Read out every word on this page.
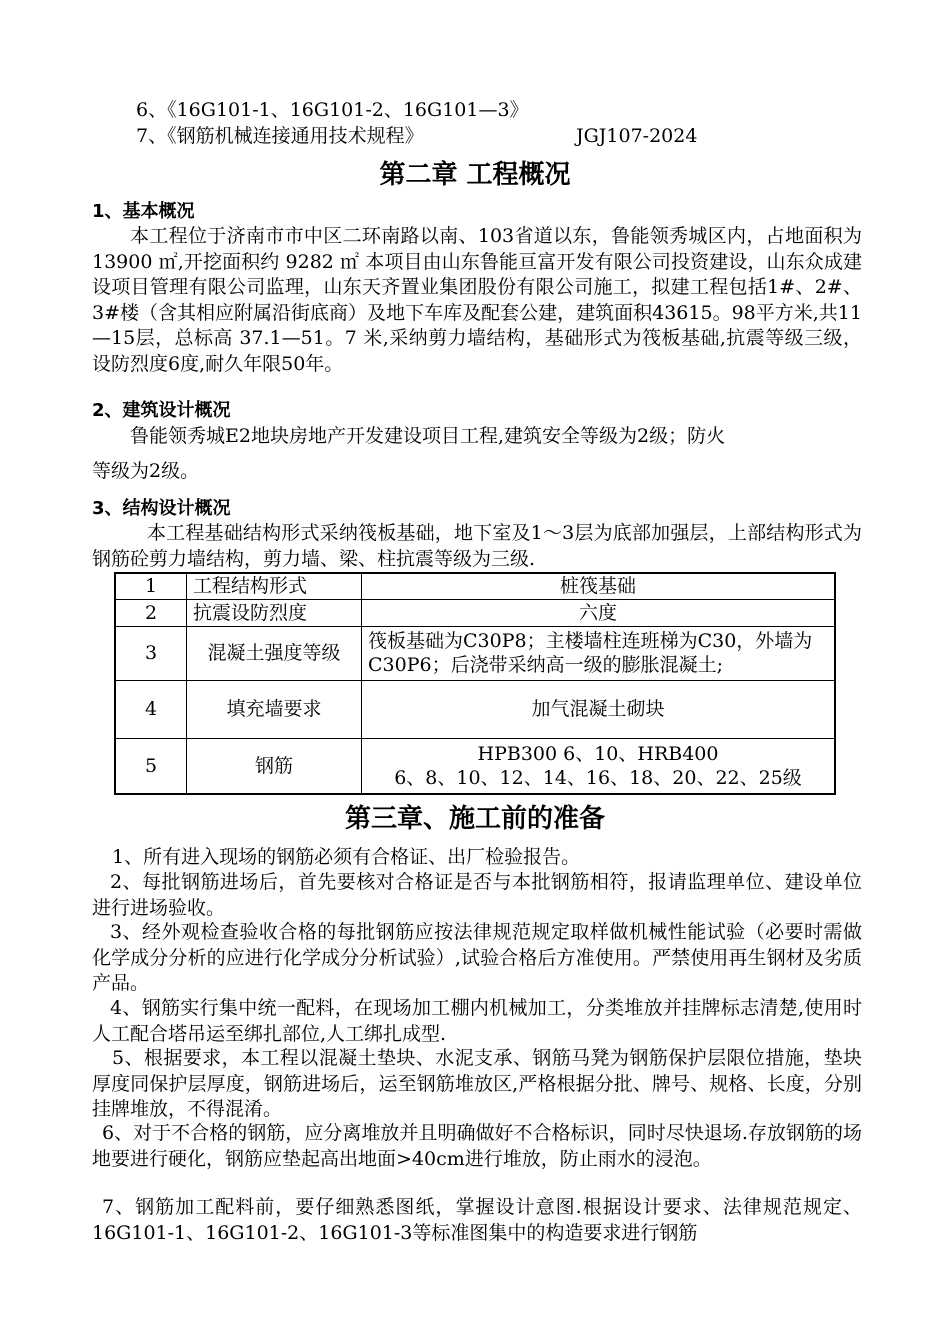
6、《16G101-1、16G101-2、16G101—3》
7、《钢筋机械连接通用技术规程》	JGJ107-2024
第二章 工程概况
1、基本概况
本工程位于济南市市中区二环南路以南、103省道以东，鲁能领秀城区内，占地面积为 13900 ㎡,开挖面积约 9282 ㎡ 本项目由山东鲁能亘富开发有限公司投资建设，山东众成建设项目管理有限公司监理，山东天齐置业集团股份有限公司施工，拟建工程包括1#、2#、3#楼（含其相应附属沿街底商）及地下车库及配套公建，建筑面积43615。98平方米,共11—15层，总标高 37.1—51。7 米,采纳剪力墙结构，基础形式为筏板基础,抗震等级三级，设防烈度6度,耐久年限50年。
2、建筑设计概况
鲁能领秀城E2地块房地产开发建设项目工程,建筑安全等级为2级；防火
等级为2级。
3、结构设计概况
本工程基础结构形式采纳筏板基础，地下室及1～3层为底部加强层，上部结构形式为钢筋砼剪力墙结构，剪力墙、梁、柱抗震等级为三级.
1	工程结构形式	桩筏基础
2	抗震设防烈度	六度
3	混凝土强度等级	筏板基础为C30P8；主楼墙柱连班梯为C30，外墙为C30P6；后浇带采纳高一级的膨胀混凝土;
4	填充墙要求	加气混凝土砌块
5	钢筋	HPB300 6、10、HRB400
6、8、10、12、14、16、18、20、22、25级
第三章、施工前的准备
1、所有进入现场的钢筋必须有合格证、出厂检验报告。
2、每批钢筋进场后，首先要核对合格证是否与本批钢筋相符，报请监理单位、建设单位进行进场验收。
3、经外观检查验收合格的每批钢筋应按法律规范规定取样做机械性能试验（必要时需做化学成分分析的应进行化学成分分析试验）,试验合格后方准使用。严禁使用再生钢材及劣质产品。
4、钢筋实行集中统一配料，在现场加工棚内机械加工，分类堆放并挂牌标志清楚,使用时人工配合塔吊运至绑扎部位,人工绑扎成型.
5、根据要求，本工程以混凝土垫块、水泥支承、钢筋马凳为钢筋保护层限位措施，垫块厚度同保护层厚度，钢筋进场后，运至钢筋堆放区,严格根据分批、牌号、规格、长度，分别挂牌堆放，不得混淆。
6、对于不合格的钢筋，应分离堆放并且明确做好不合格标识，同时尽快退场.存放钢筋的场地要进行硬化，钢筋应垫起高出地面>40cm进行堆放，防止雨水的浸泡。
7、钢筋加工配料前，要仔细熟悉图纸，掌握设计意图.根据设计要求、法律规范规定、16G101-1、16G101-2、16G101-3等标准图集中的构造要求进行钢筋
